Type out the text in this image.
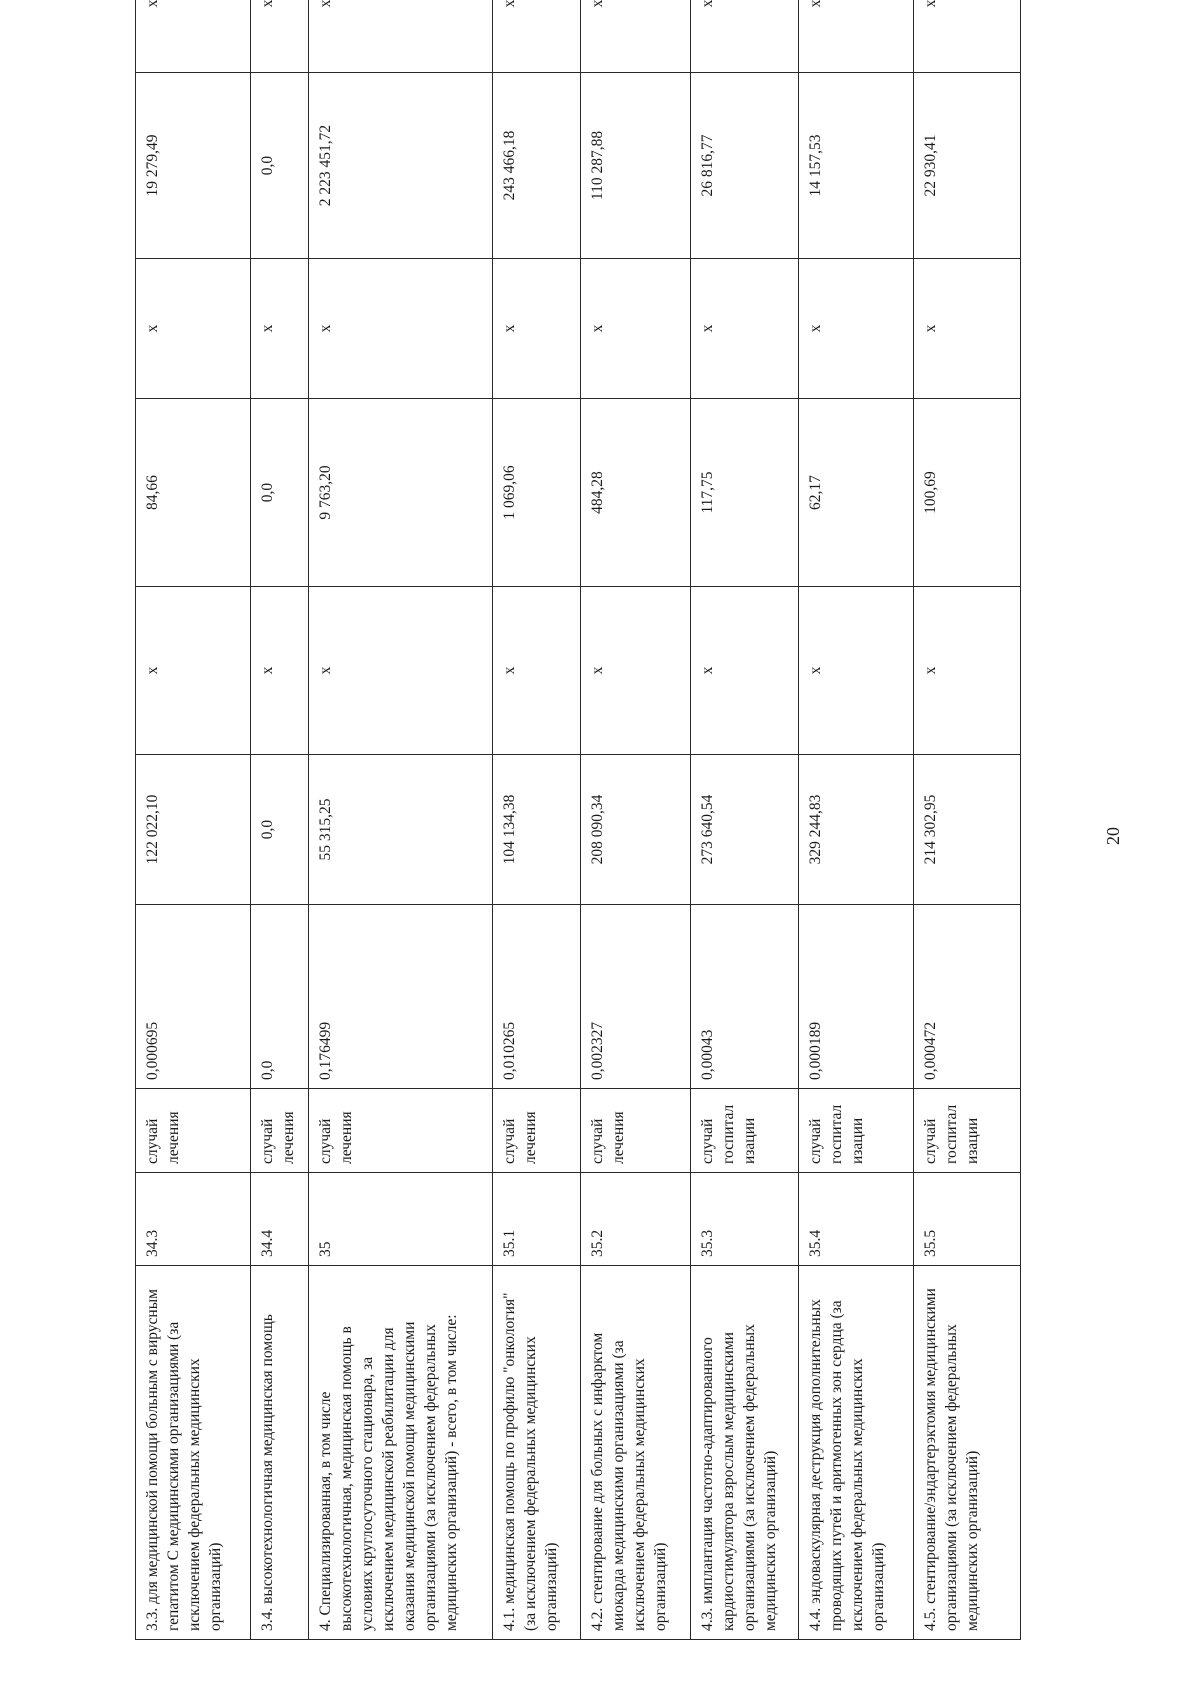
3.3. для медицинской помощи больным с вирусным гепатитом С медицинскими организациями (за исключением федеральных медицинских организаций)	34.3	случай лечения	0,000695	122 022,10	х	84,66	х	19 279,49	х
3.4. высокотехнологичная медицинская помощь	34.4	случай лечения	0,0	0,0	х	0,0	х	0,0	х
4. Специализированная, в том числе высокотехнологичная, медицинская помощь в условиях круглосуточного стационара, за исключением медицинской реабилитации для оказания медицинской помощи медицинскими организациями (за исключением федеральных медицинских организаций) - всего, в том числе:	35	случай лечения	0,176499	55 315,25	х	9 763,20	х	2 223 451,72	х
4.1. медицинская помощь по профилю "онкология" (за исключением федеральных медицинских организаций)	35.1	случай лечения	0,010265	104 134,38	х	1 069,06	х	243 466,18	х
4.2. стентирование для больных с инфарктом миокарда медицинскими организациями (за исключением федеральных медицинских организаций)	35.2	случай лечения	0,002327	208 090,34	х	484,28	х	110 287,88	х
4.3. имплантация частотно-адаптированного кардиостимулятора взрослым медицинскими организациями (за исключением федеральных медицинских организаций)	35.3	случай госпитализации	0,00043	273 640,54	х	117,75	х	26 816,77	х
4.4. эндоваскулярная деструкция дополнительных проводящих путей и аритмогенных зон сердца (за исключением федеральных медицинских организаций)	35.4	случай госпитализации	0,000189	329 244,83	х	62,17	х	14 157,53	х
4.5. стентирование/эндартерэктомия медицинскими организациями (за исключением федеральных медицинских организаций)	35.5	случай госпитализации	0,000472	214 302,95	х	100,69	х	22 930,41	х
20
